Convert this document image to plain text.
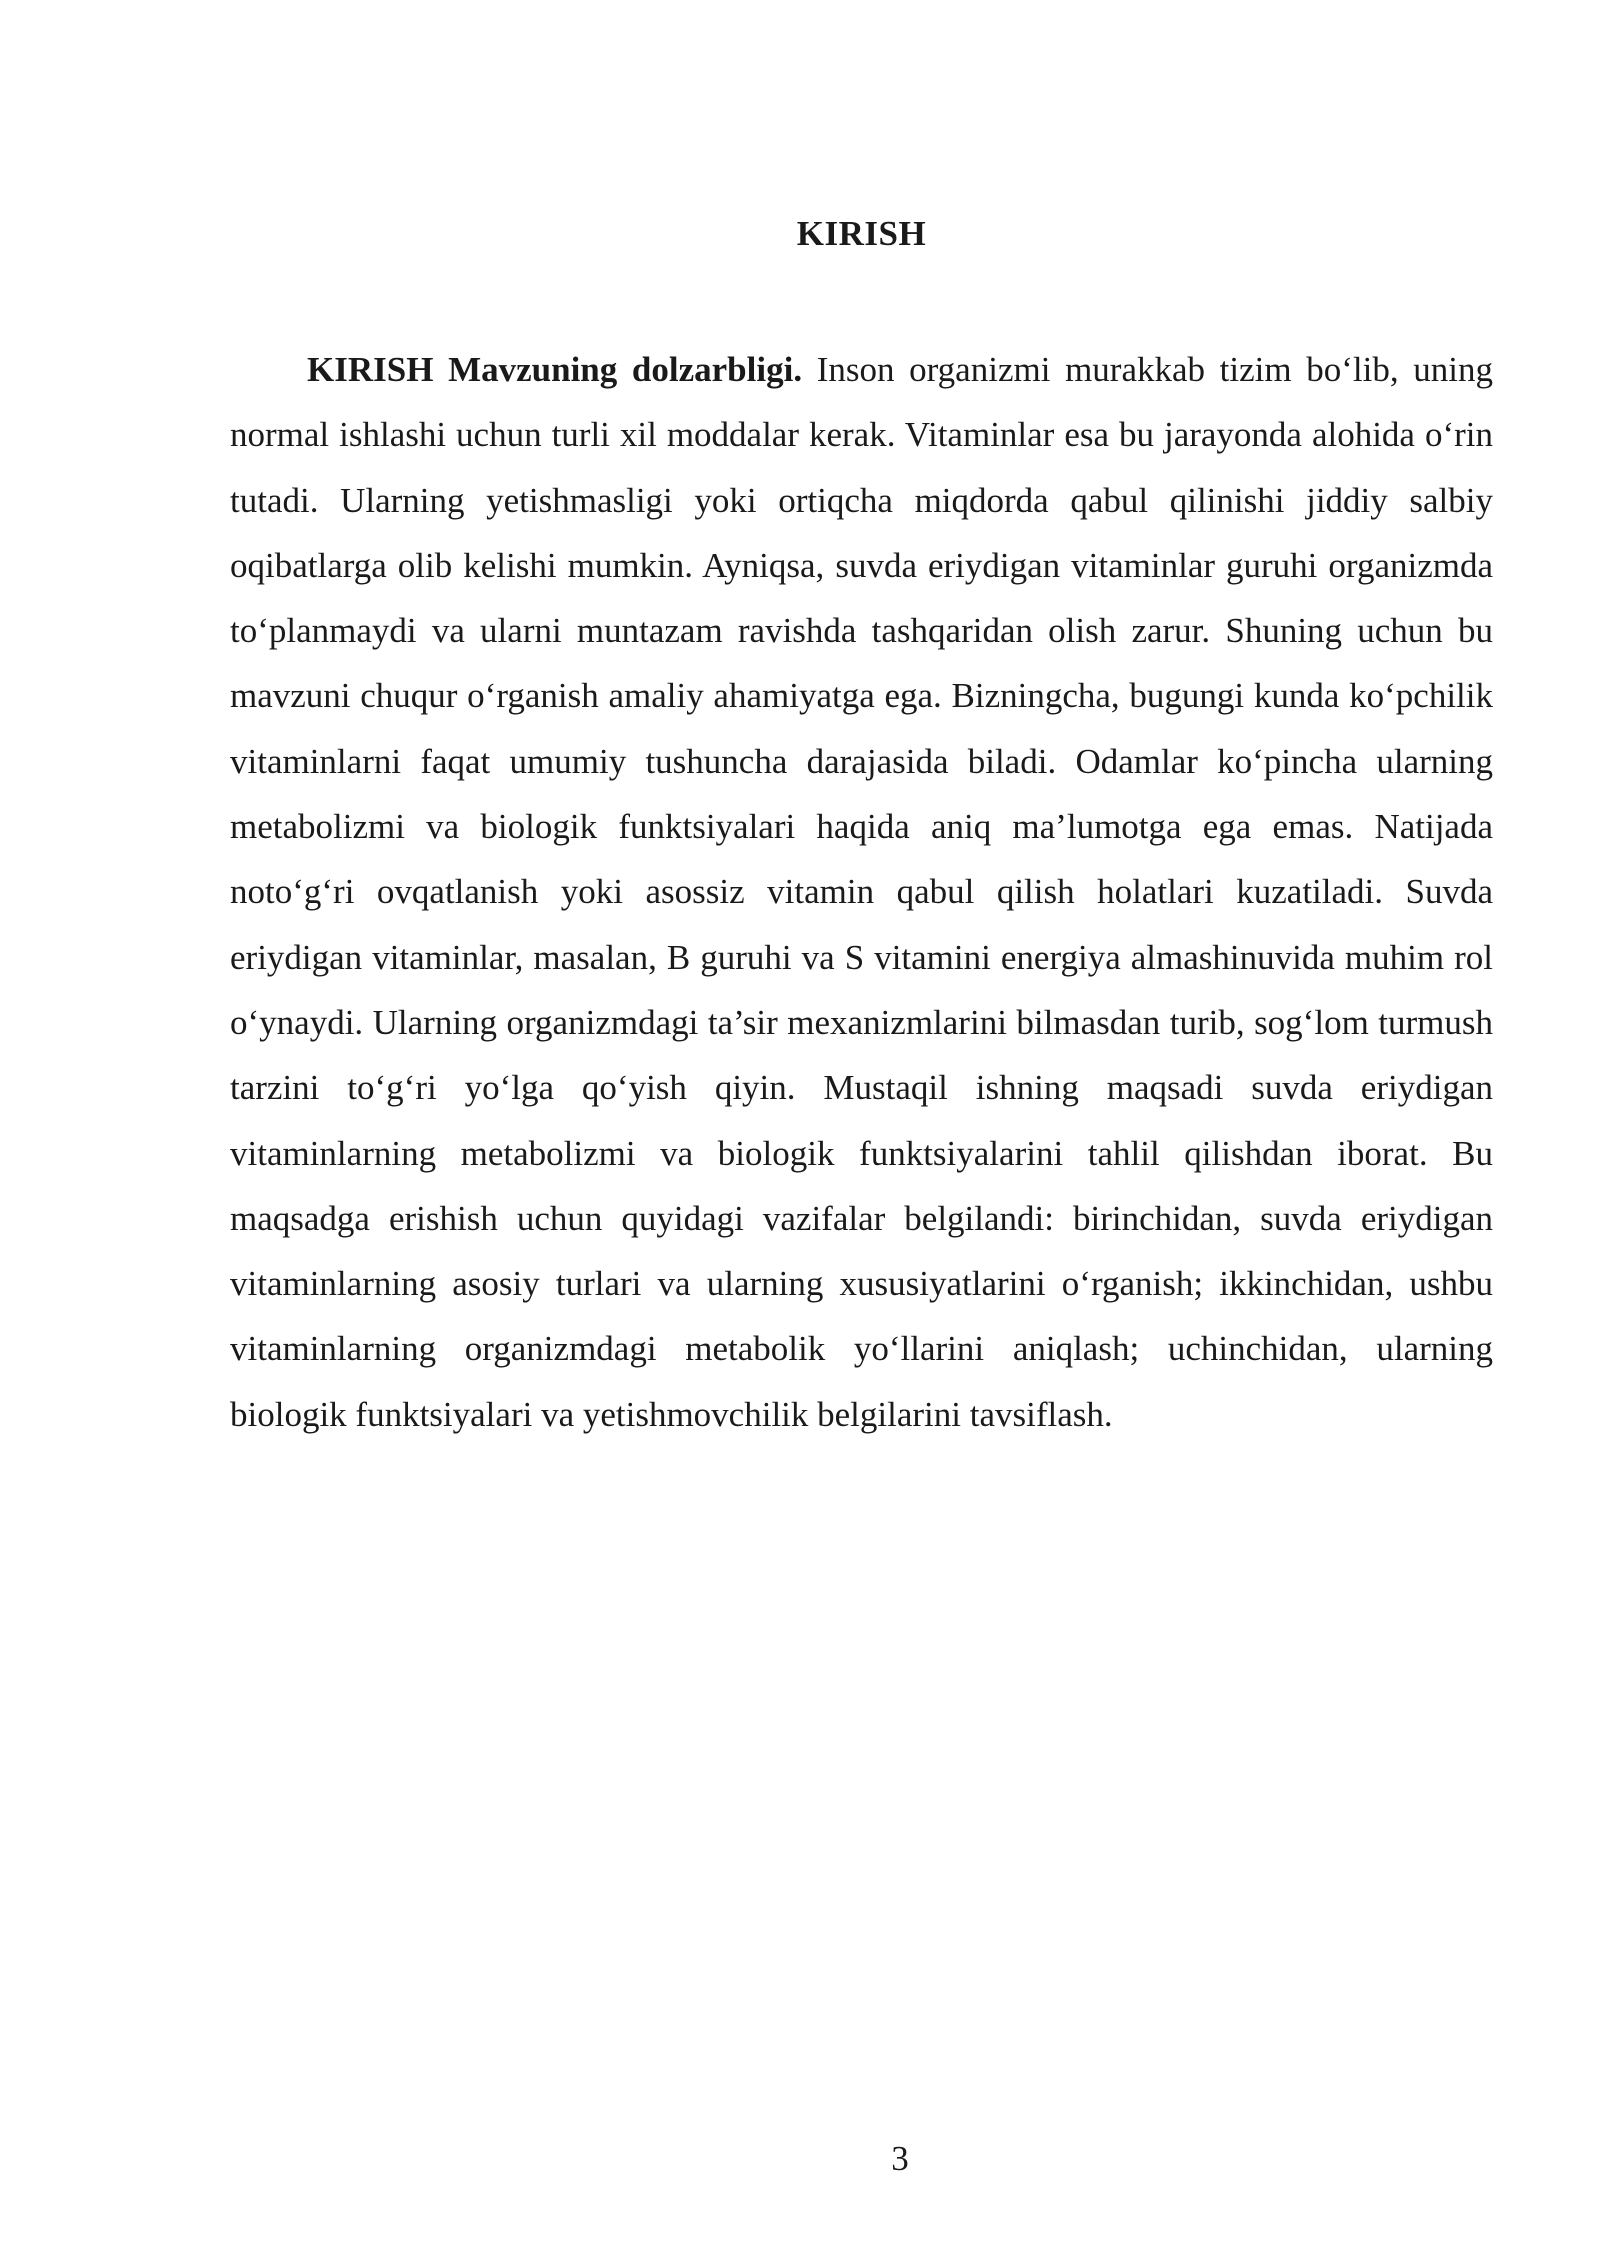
KIRISH

KIRISH Mavzuning dolzarbligi. Inson organizmi murakkab tizim bo‘lib, uning normal ishlashi uchun turli xil moddalar kerak. Vitaminlar esa bu jarayonda alohida o‘rin tutadi. Ularning yetishmasligi yoki ortiqcha miqdorda qabul qilinishi jiddiy salbiy oqibatlarga olib kelishi mumkin. Ayniqsa, suvda eriydigan vitaminlar guruhi organizmda to‘planmaydi va ularni muntazam ravishda tashqaridan olish zarur. Shuning uchun bu mavzuni chuqur o‘rganish amaliy ahamiyatga ega. Bizningcha, bugungi kunda ko‘pchilik vitaminlarni faqat umumiy tushuncha darajasida biladi. Odamlar ko‘pincha ularning metabolizmi va biologik funktsiyalari haqida aniq ma’lumotga ega emas. Natijada noto‘g‘ri ovqatlanish yoki asossiz vitamin qabul qilish holatlari kuzatiladi. Suvda eriydigan vitaminlar, masalan, B guruhi va S vitamini energiya almashinuvida muhim rol o‘ynaydi. Ularning organizmdagi ta’sir mexanizmlarini bilmasdan turib, sog‘lom turmush tarzini to‘g‘ri yo‘lga qo‘yish qiyin. Mustaqil ishning maqsadi suvda eriydigan vitaminlarning metabolizmi va biologik funktsiyalarini tahlil qilishdan iborat. Bu maqsadga erishish uchun quyidagi vazifalar belgilandi: birinchidan, suvda eriydigan vitaminlarning asosiy turlari va ularning xususiyatlarini o‘rganish; ikkinchidan, ushbu vitaminlarning organizmdagi metabolik yo‘llarini aniqlash; uchinchidan, ularning biologik funktsiyalari va yetishmovchilik belgilarini tavsiflash.

3
